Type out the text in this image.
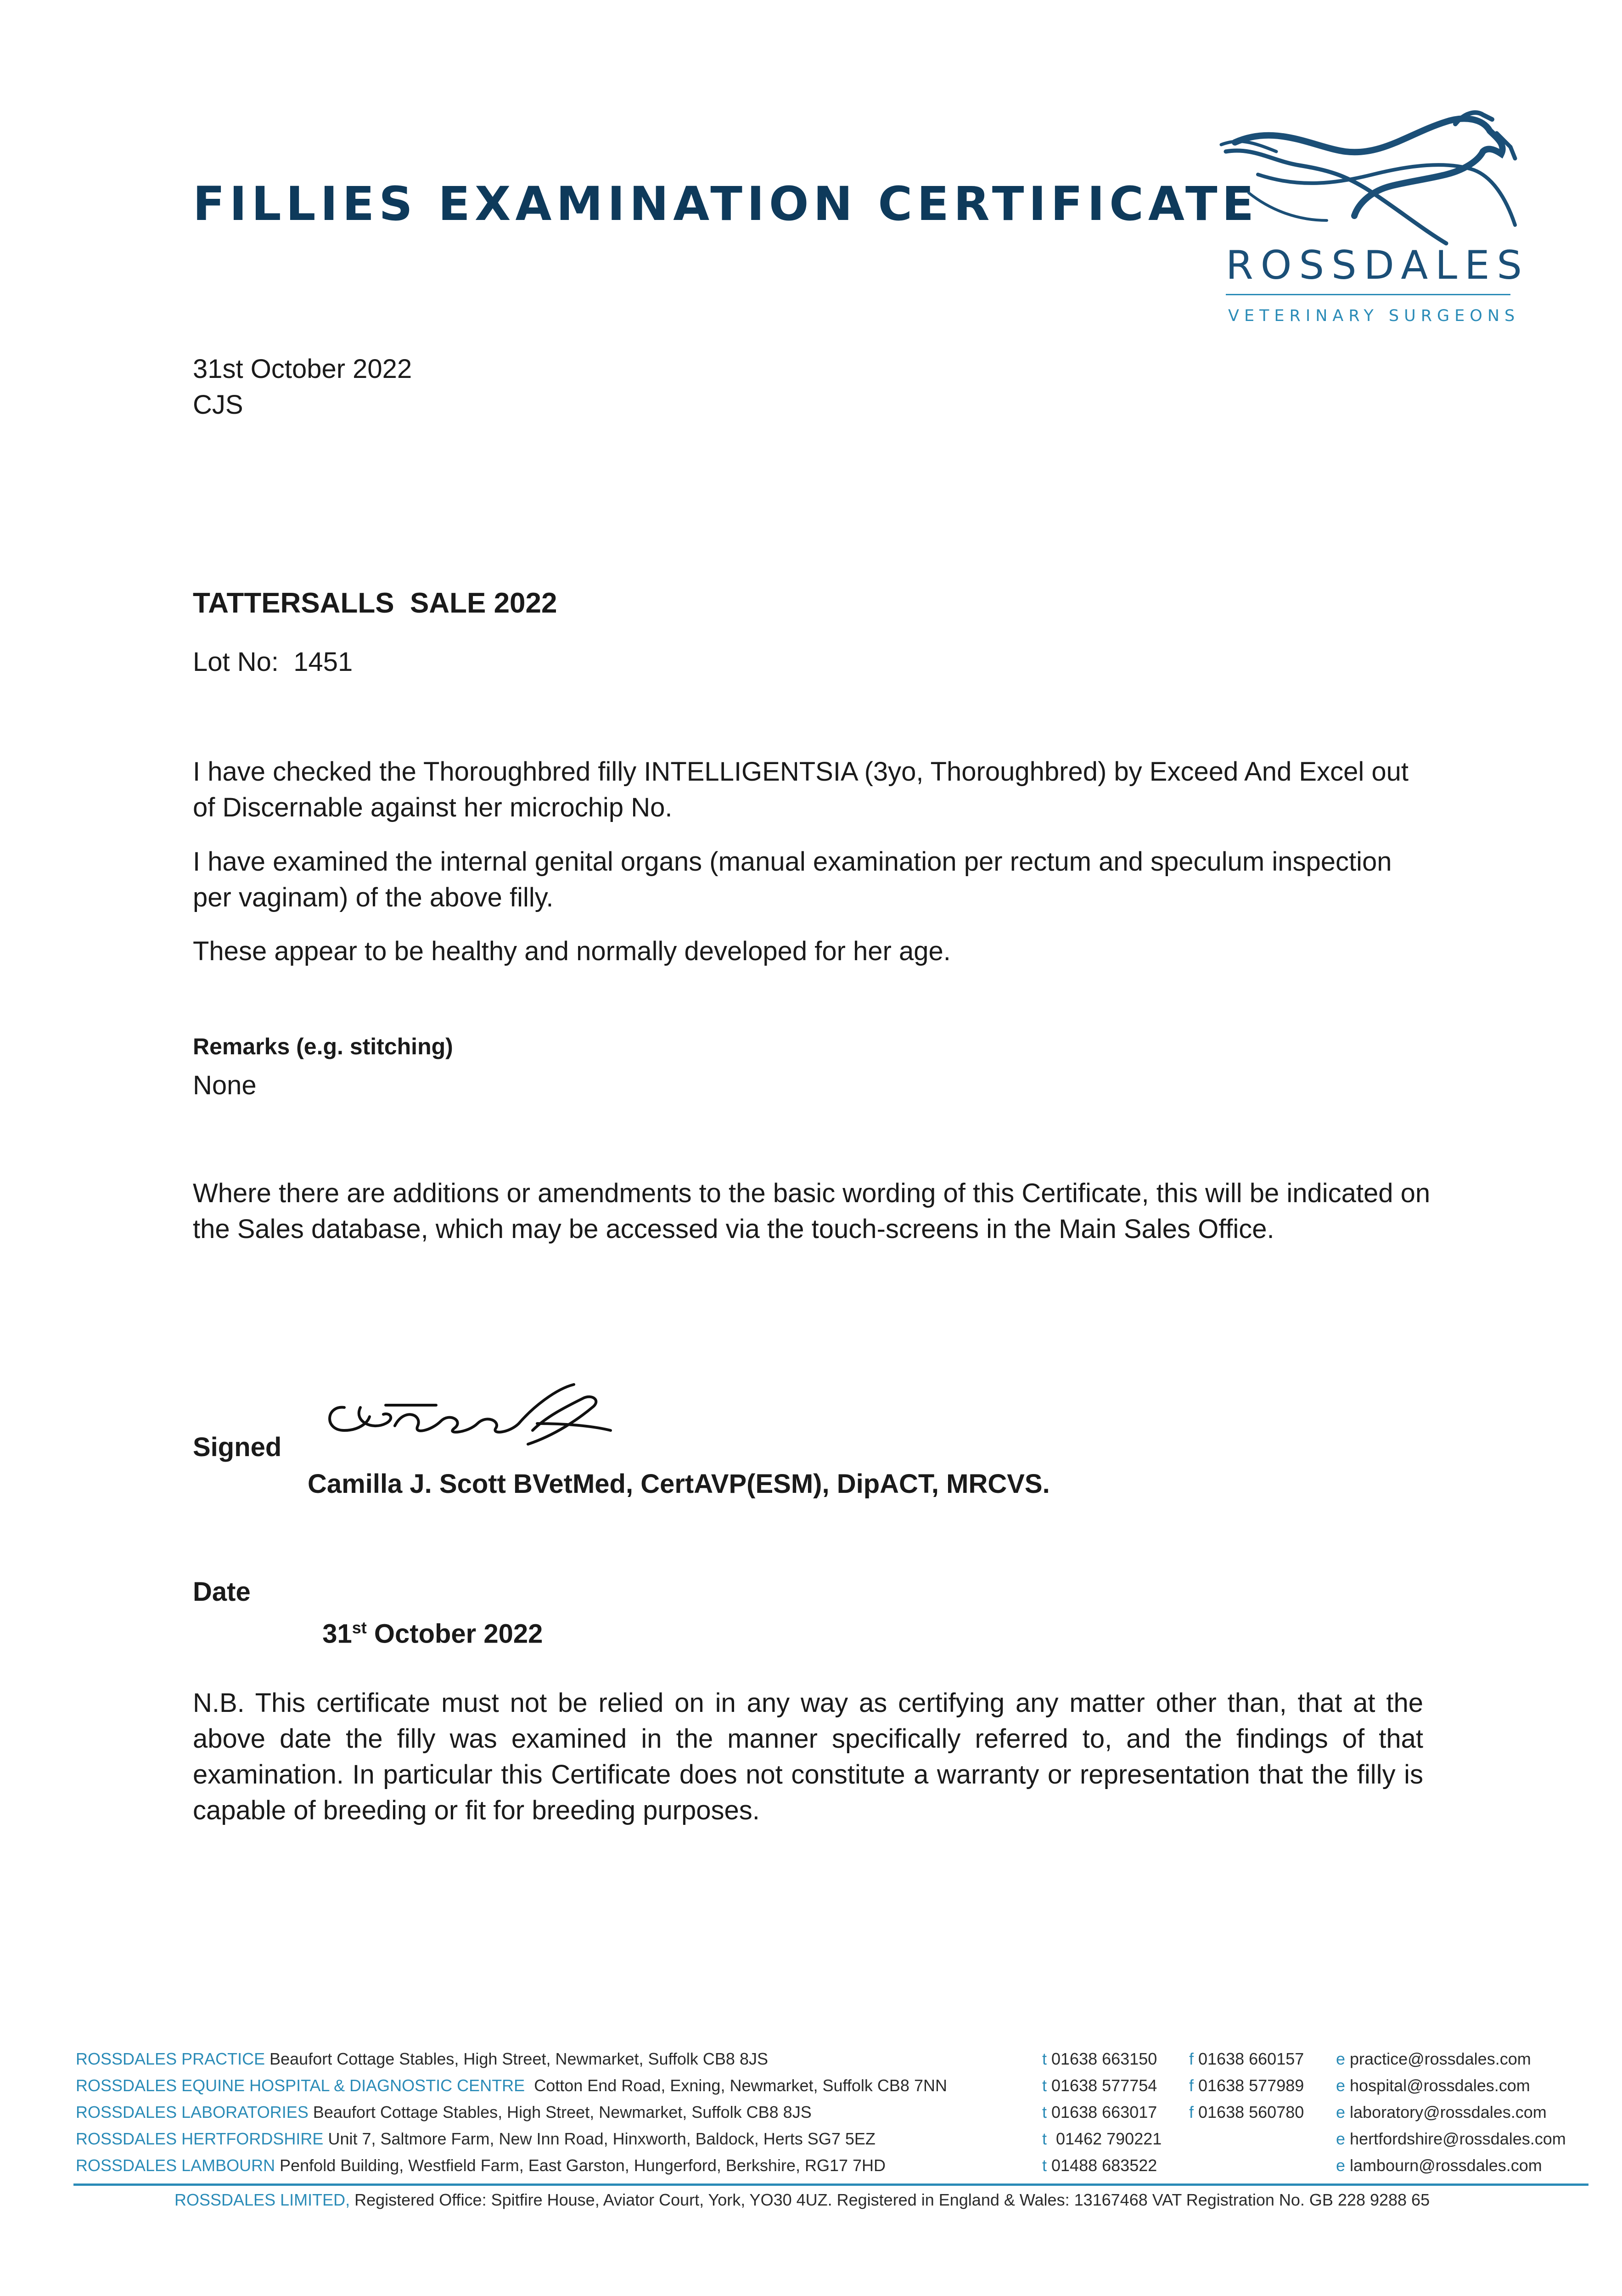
FILLIES EXAMINATION CERTIFICATE
ROSSDALES
VETERINARY SURGEONS
31st October 2022
CJS
TATTERSALLS  SALE 2022
Lot No:  1451
I have checked the Thoroughbred filly INTELLIGENTSIA (3yo, Thoroughbred) by Exceed And Excel out of Discernable against her microchip No.
I have examined the internal genital organs (manual examination per rectum and speculum inspection per vaginam) of the above filly.
These appear to be healthy and normally developed for her age.
Remarks (e.g. stitching)
None
Where there are additions or amendments to the basic wording of this Certificate, this will be indicated on the Sales database, which may be accessed via the touch-screens in the Main Sales Office.
Signed
Camilla J. Scott BVetMed, CertAVP(ESM), DipACT, MRCVS.
Date

31st October 2022

N.B. This certificate must not be relied on in any way as certifying any matter other than, that at the above date the filly was examined in the manner specifically referred to, and the findings of that examination. In particular this Certificate does not constitute a warranty or representation that the filly is capable of breeding or fit for breeding purposes.
ROSSDALES PRACTICE Beaufort Cottage Stables, High Street, Newmarket, Suffolk CB8 8JS	t 01638 663150 f 01638 660157 e practice@rossdales.com
ROSSDALES EQUINE HOSPITAL & DIAGNOSTIC CENTRE  Cotton End Road, Exning, Newmarket, Suffolk CB8 7NN	t 01638 577754 f 01638 577989 e hospital@rossdales.com
ROSSDALES LABORATORIES Beaufort Cottage Stables, High Street, Newmarket, Suffolk CB8 8JS	t 01638 663017 f 01638 560780 e laboratory@rossdales.com
ROSSDALES HERTFORDSHIRE Unit 7, Saltmore Farm, New Inn Road, Hinxworth, Baldock, Herts SG7 5EZ	t  01462 790221	e hertfordshire@rossdales.com
ROSSDALES LAMBOURN Penfold Building, Westfield Farm, East Garston, Hungerford, Berkshire, RG17 7HD	t 01488 683522	e lambourn@rossdales.com
ROSSDALES LIMITED, Registered Office: Spitfire House, Aviator Court, York, YO30 4UZ. Registered in England & Wales: 13167468 VAT Registration No. GB 228 9288 65
